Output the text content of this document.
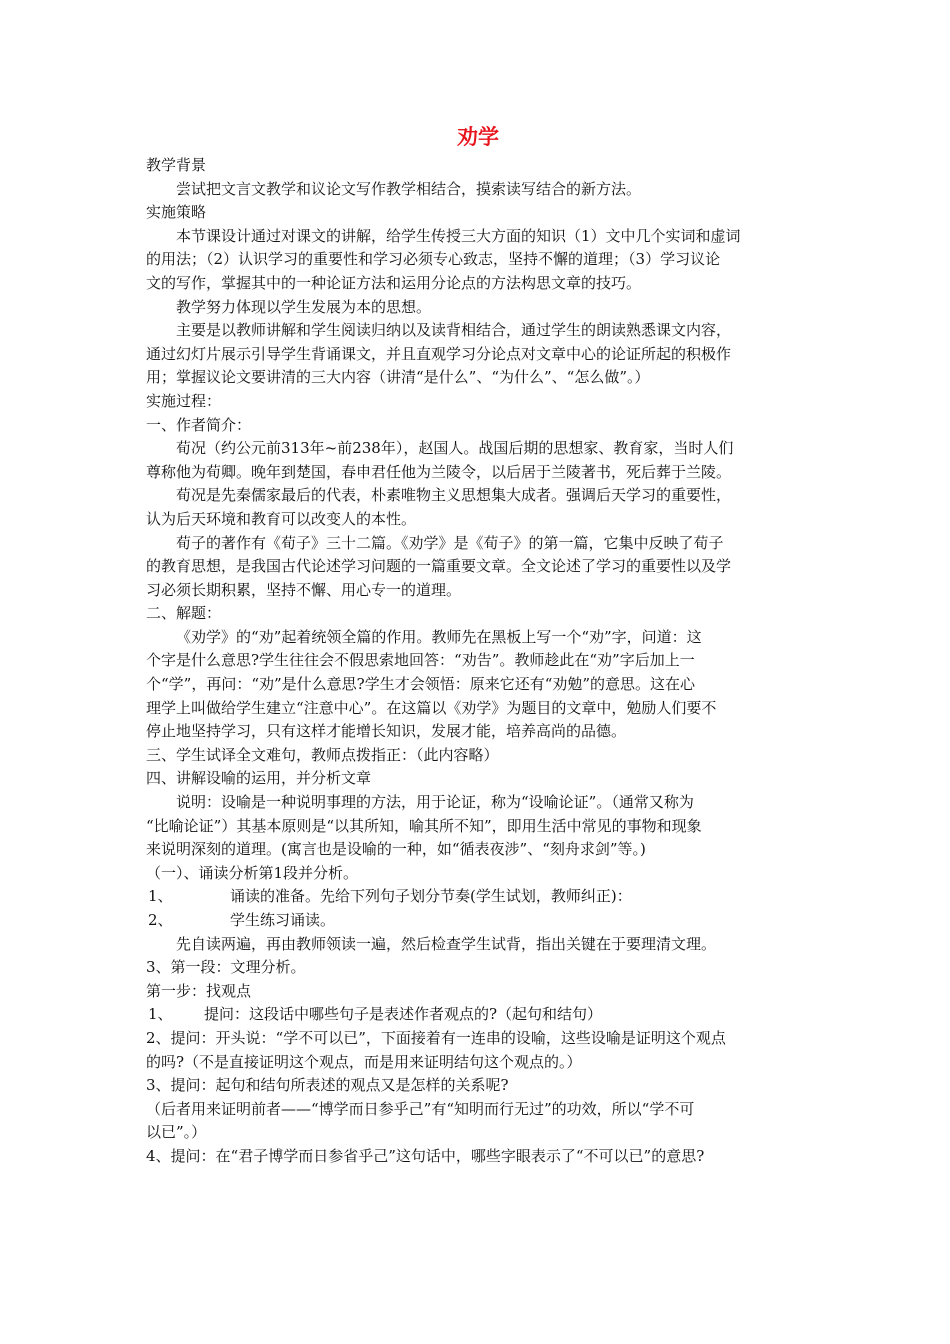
劝学
教学背景
尝试把文言文教学和议论文写作教学相结合，摸索读写结合的新方法。
实施策略
本节课设计通过对课文的讲解，给学生传授三大方面的知识（1）文中几个实词和虚词
的用法；（2）认识学习的重要性和学习必须专心致志，坚持不懈的道理；（3）学习议论
文的写作，掌握其中的一种论证方法和运用分论点的方法构思文章的技巧。
教学努力体现以学生发展为本的思想。
主要是以教师讲解和学生阅读归纳以及读背相结合，通过学生的朗读熟悉课文内容，
通过幻灯片展示引导学生背诵课文，并且直观学习分论点对文章中心的论证所起的积极作
用；掌握议论文要讲清的三大内容（讲清“是什么”、“为什么”、“怎么做”。）
实施过程：
一、作者简介：
荀况（约公元前313年~前238年），赵国人。战国后期的思想家、教育家，当时人们
尊称他为荀卿。晚年到楚国，春申君任他为兰陵令，以后居于兰陵著书，死后葬于兰陵。
荀况是先秦儒家最后的代表，朴素唯物主义思想集大成者。强调后天学习的重要性，
认为后天环境和教育可以改变人的本性。
荀子的著作有《荀子》三十二篇。《劝学》是《荀子》的第一篇，它集中反映了荀子
的教育思想，是我国古代论述学习问题的一篇重要文章。全文论述了学习的重要性以及学
习必须长期积累，坚持不懈、用心专一的道理。
二、解题：
《劝学》的“劝”起着统领全篇的作用。教师先在黑板上写一个“劝”字，问道：这
个字是什么意思?学生往往会不假思索地回答：“劝告”。教师趁此在“劝”字后加上一
个“学”，再问：“劝”是什么意思?学生才会领悟：原来它还有“劝勉”的意思。这在心
理学上叫做给学生建立“注意中心”。在这篇以《劝学》为题目的文章中，勉励人们要不
停止地坚持学习，只有这样才能增长知识，发展才能，培养高尚的品德。
三、学生试译全文难句，教师点拨指正：（此内容略）
四、讲解设喻的运用，并分析文章
说明：设喻是一种说明事理的方法，用于论证，称为“设喻论证”。（通常又称为
“比喻论证”）其基本原则是“以其所知，喻其所不知”，即用生活中常见的事物和现象
来说明深刻的道理。(寓言也是设喻的一种，如“循表夜涉”、“刻舟求剑”等。)
（一）、诵读分析第1段并分析。
1、	诵读的准备。先给下列句子划分节奏(学生试划，教师纠正)：
2、	学生练习诵读。
先自读两遍，再由教师领读一遍，然后检查学生试背，指出关键在于要理清文理。
3、第一段：文理分析。
第一步：找观点
1、 提问：这段话中哪些句子是表述作者观点的?（起句和结句）
2、提问：开头说：“学不可以已”，下面接着有一连串的设喻，这些设喻是证明这个观点
的吗?（不是直接证明这个观点，而是用来证明结句这个观点的。）
3、提问：起句和结句所表述的观点又是怎样的关系呢?
（后者用来证明前者——“博学而日参乎己”有“知明而行无过”的功效，所以“学不可
以已”。）
4、提问：在“君子博学而日参省乎己”这句话中，哪些字眼表示了“不可以已”的意思?
